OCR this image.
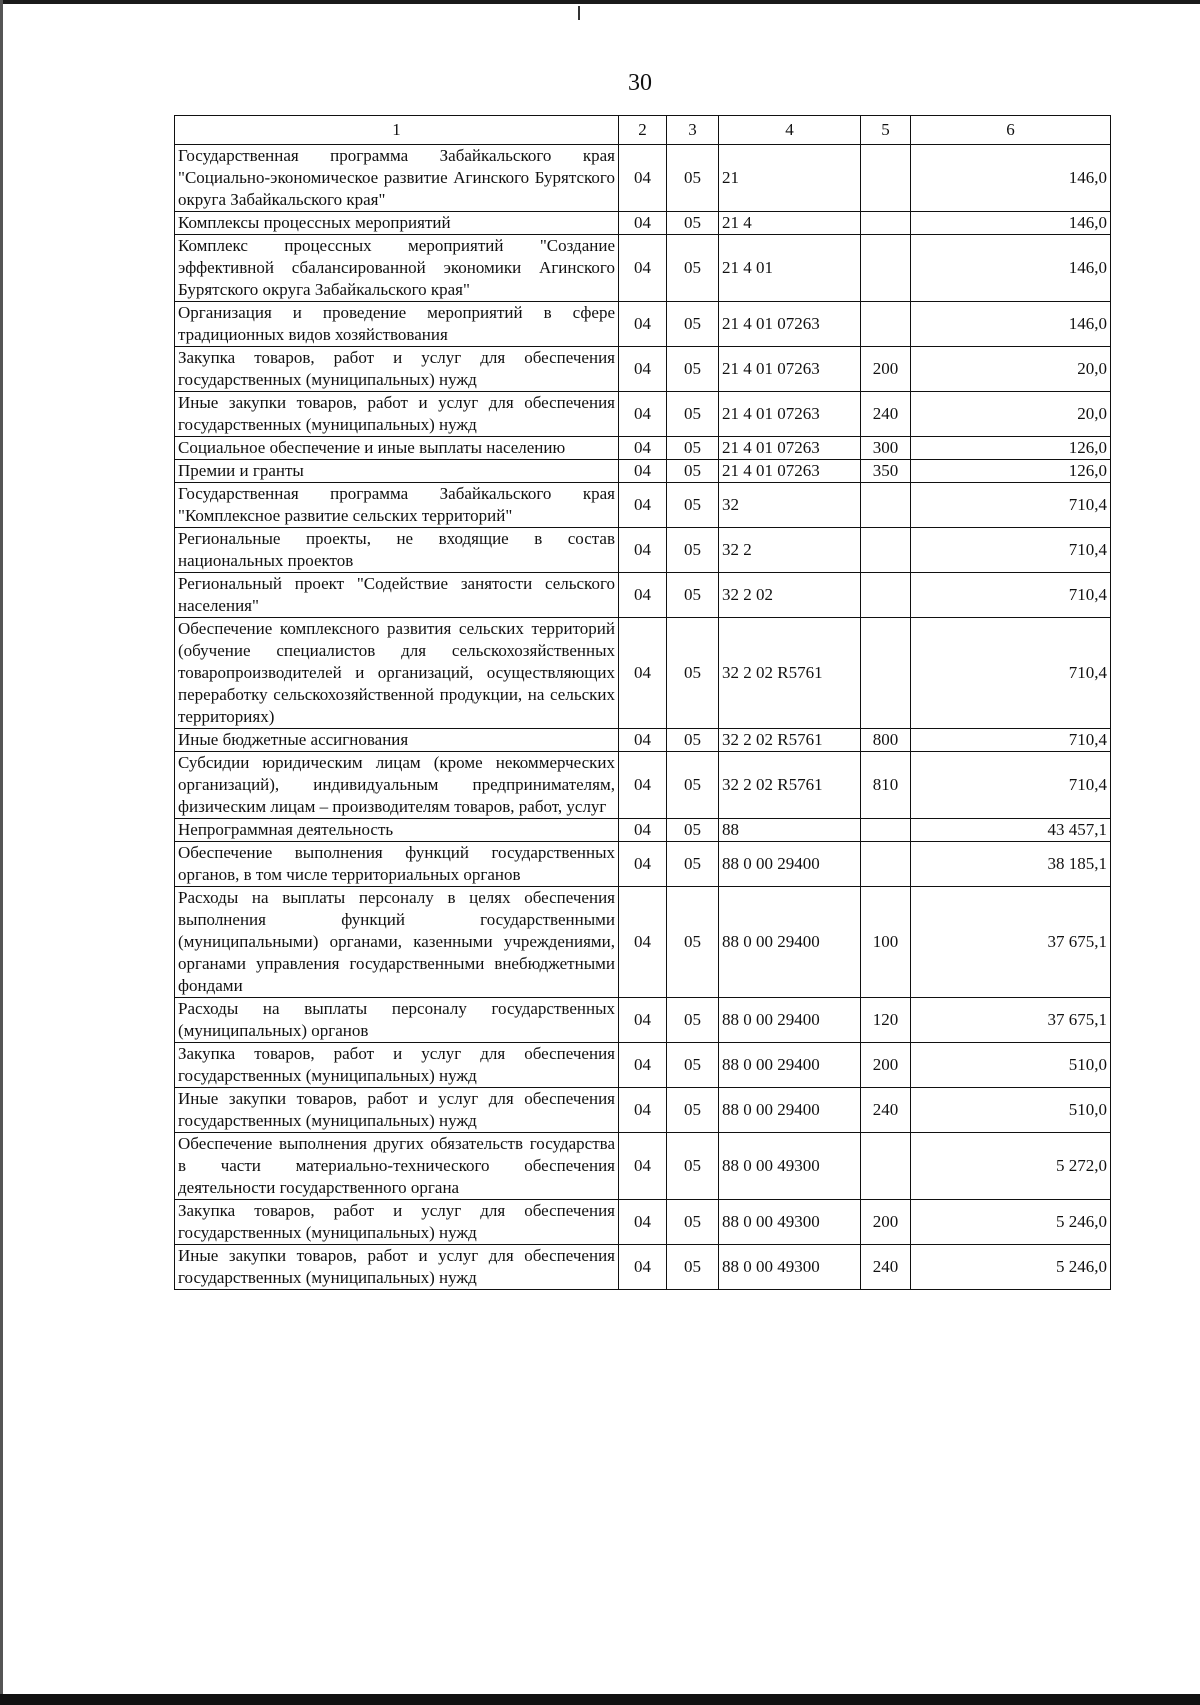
30
1	2	3	4	5	6
Государственная программа Забайкальского края "Социально-экономическое развитие Агинского Бурятского округа Забайкальского края"	04	05	21		146,0
Комплексы процессных мероприятий	04	05	21 4		146,0
Комплекс процессных мероприятий "Создание эффективной сбалансированной экономики Агинского Бурятского округа Забайкальского края"	04	05	21 4 01		146,0
Организация и проведение мероприятий в сфере традиционных видов хозяйствования	04	05	21 4 01 07263		146,0
Закупка товаров, работ и услуг для обеспечения государственных (муниципальных) нужд	04	05	21 4 01 07263	200	20,0
Иные закупки товаров, работ и услуг для обеспечения государственных (муниципальных) нужд	04	05	21 4 01 07263	240	20,0
Социальное обеспечение и иные выплаты населению	04	05	21 4 01 07263	300	126,0
Премии и гранты	04	05	21 4 01 07263	350	126,0
Государственная программа Забайкальского края "Комплексное развитие сельских территорий"	04	05	32		710,4
Региональные проекты, не входящие в состав национальных проектов	04	05	32 2		710,4
Региональный проект "Содействие занятости сельского населения"	04	05	32 2 02		710,4
Обеспечение комплексного развития сельских территорий (обучение специалистов для сельскохозяйственных товаропроизводителей и организаций, осуществляющих переработку сельскохозяйственной продукции, на сельских территориях)	04	05	32 2 02 R5761		710,4
Иные бюджетные ассигнования	04	05	32 2 02 R5761	800	710,4
Субсидии юридическим лицам (кроме некоммерческих организаций), индивидуальным предпринимателям, физическим лицам – производителям товаров, работ, услуг	04	05	32 2 02 R5761	810	710,4
Непрограммная деятельность	04	05	88		43 457,1
Обеспечение выполнения функций государственных органов, в том числе территориальных органов	04	05	88 0 00 29400		38 185,1
Расходы на выплаты персоналу в целях обеспечения выполнения функций государственными (муниципальными) органами, казенными учреждениями, органами управления государственными внебюджетными фондами	04	05	88 0 00 29400	100	37 675,1
Расходы на выплаты персоналу государственных (муниципальных) органов	04	05	88 0 00 29400	120	37 675,1
Закупка товаров, работ и услуг для обеспечения государственных (муниципальных) нужд	04	05	88 0 00 29400	200	510,0
Иные закупки товаров, работ и услуг для обеспечения государственных (муниципальных) нужд	04	05	88 0 00 29400	240	510,0
Обеспечение выполнения других обязательств государства в части материально-технического обеспечения деятельности государственного органа	04	05	88 0 00 49300		5 272,0
Закупка товаров, работ и услуг для обеспечения государственных (муниципальных) нужд	04	05	88 0 00 49300	200	5 246,0
Иные закупки товаров, работ и услуг для обеспечения государственных (муниципальных) нужд	04	05	88 0 00 49300	240	5 246,0
